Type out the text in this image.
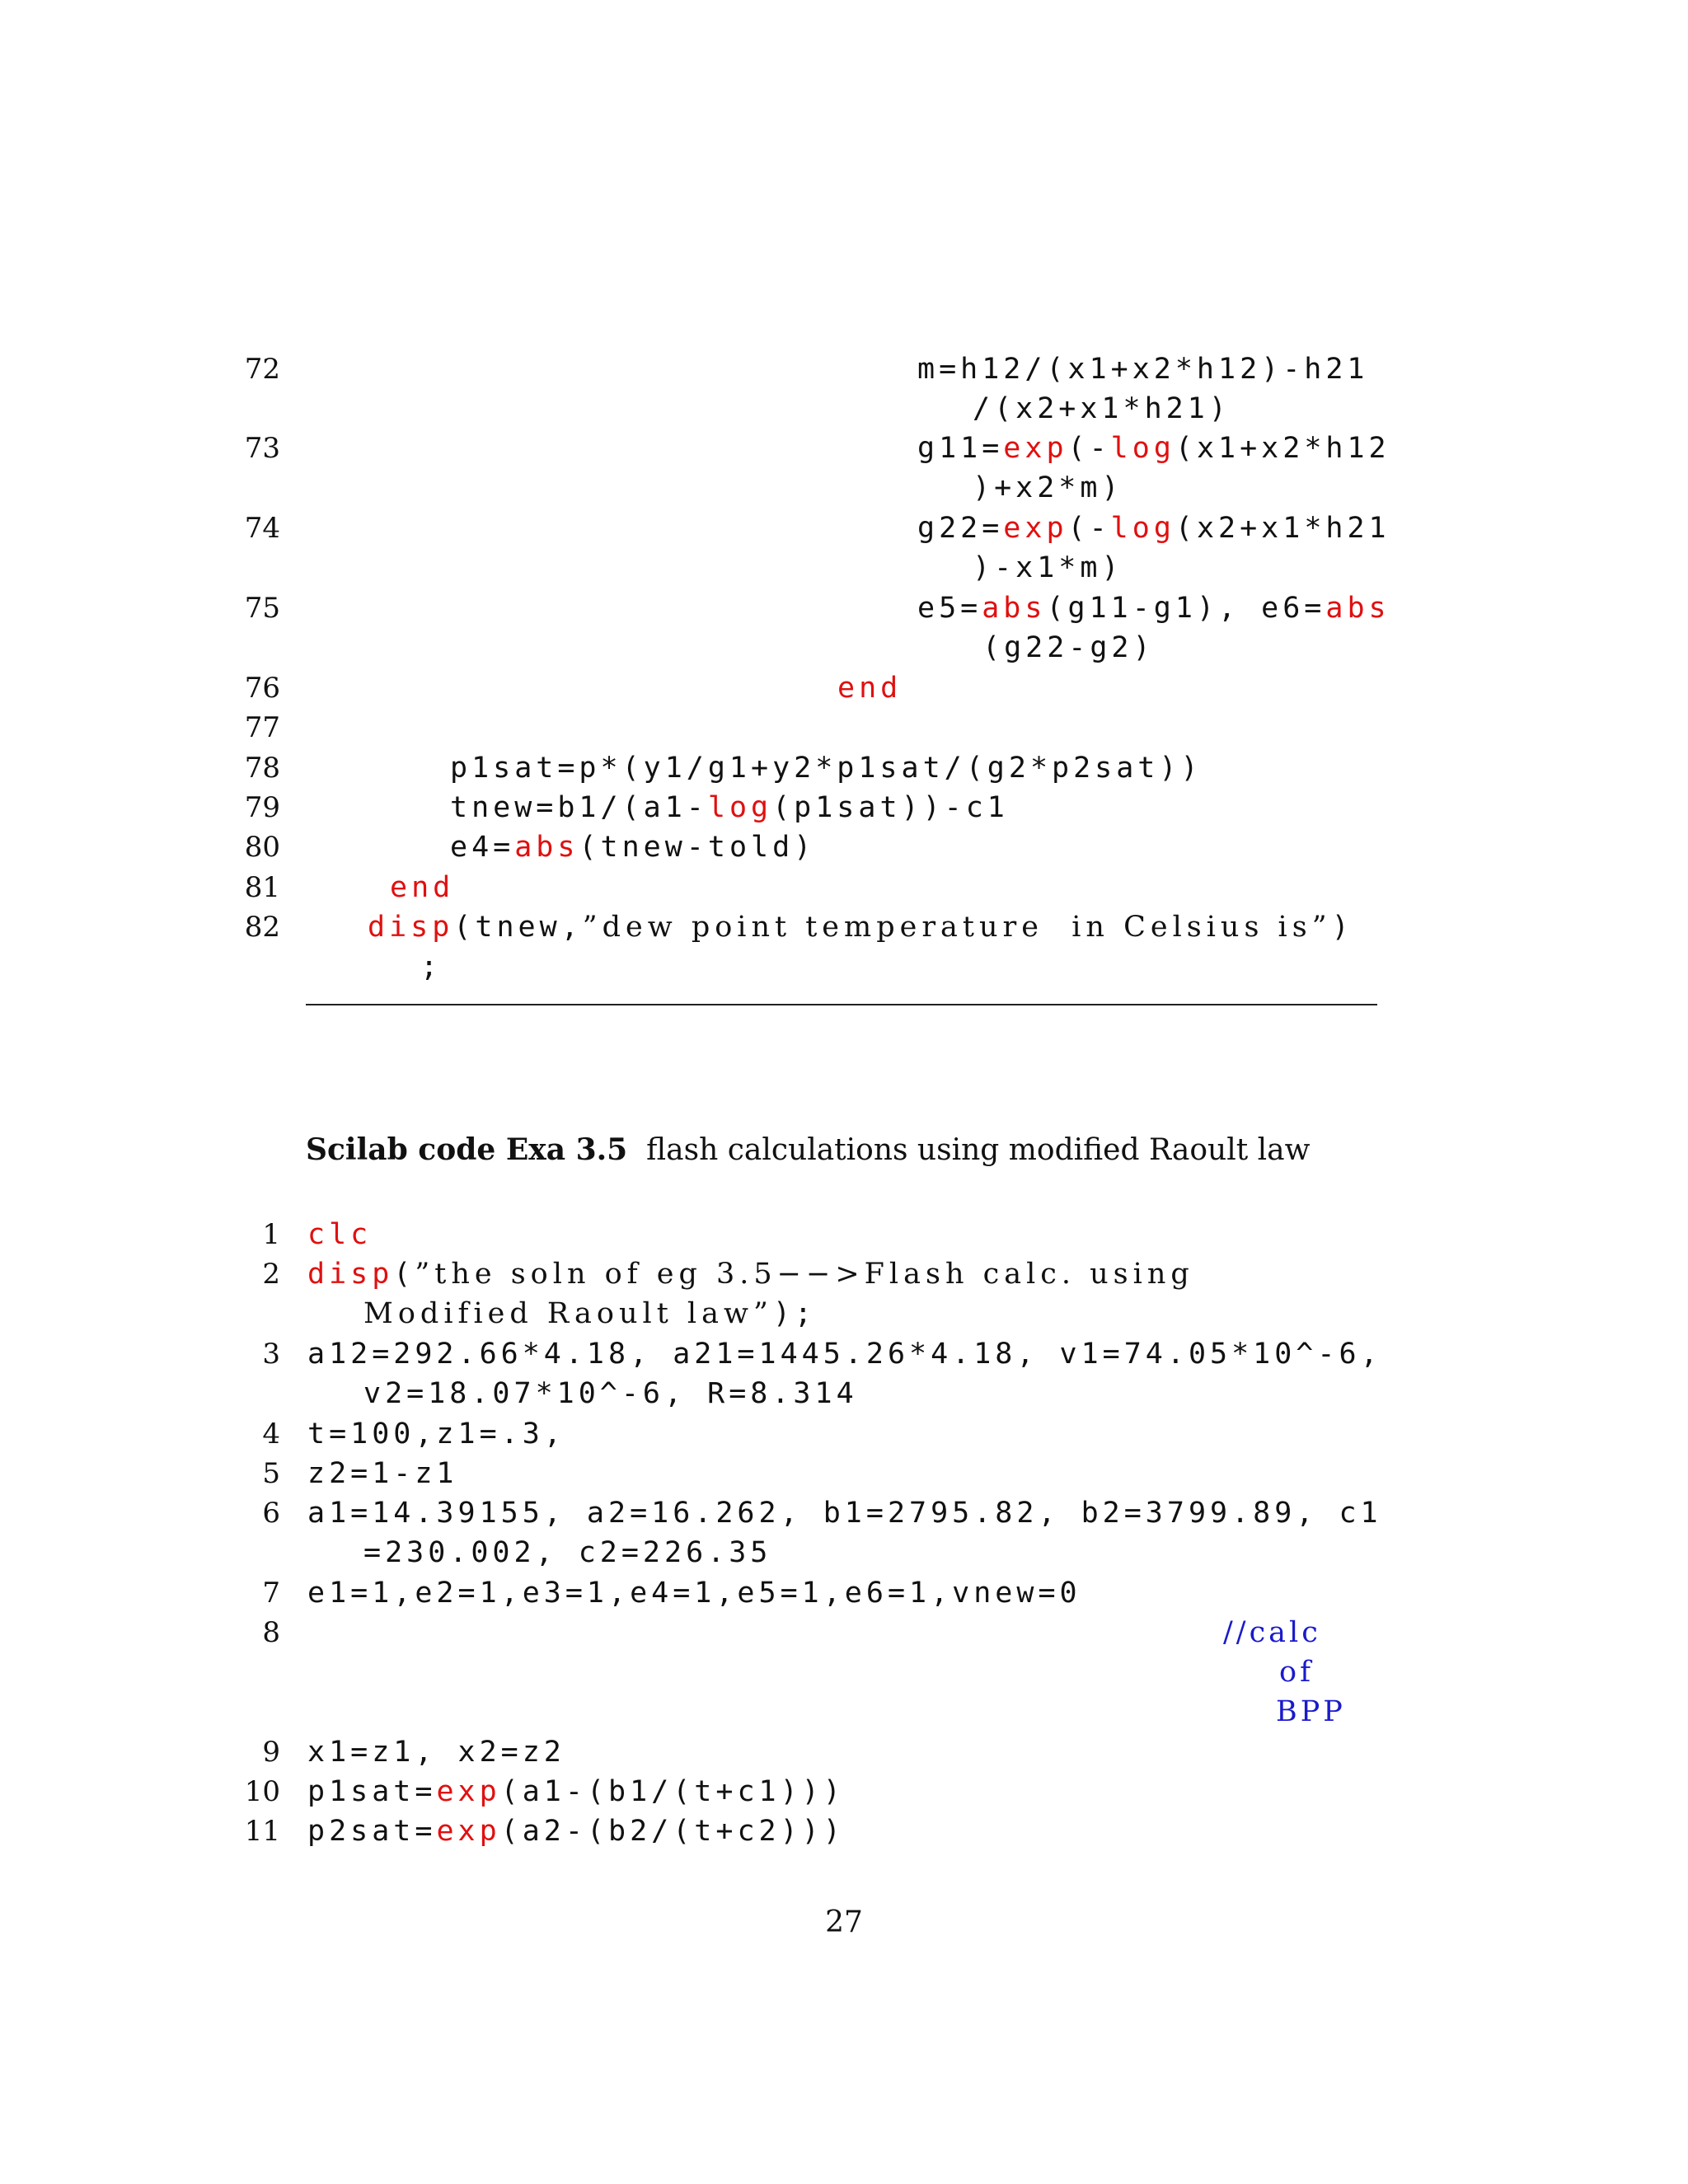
72
73
74
75
76
77
78
79
80
81
82
m=h12/(x1+x2*h12)-h21
/(x2+x1*h21)
g11=exp(-log(x1+x2*h12
)+x2*m)
g22=exp(-log(x2+x1*h21
)-x1*m)
e5=abs(g11-g1), e6=abs
(g22-g2)
end
p1sat=p*(y1/g1+y2*p1sat/(g2*p2sat))
tnew=b1/(a1-log(p1sat))-c1
e4=abs(tnew-told)
end
disp(tnew,”dew point temperature  in Celsius is”)
;
Scilab code Exa 3.5 flash calculations using modified Raoult law
1
2
3
4
5
6
7
8
9
10
11
clc
disp(”the soln of eg 3.5−−>Flash calc. using
Modified Raoult law”);
a12=292.66*4.18, a21=1445.26*4.18, v1=74.05*10^-6,
v2=18.07*10^-6, R=8.314
t=100,z1=.3,
z2=1-z1
a1=14.39155, a2=16.262, b1=2795.82, b2=3799.89, c1
=230.002, c2=226.35
e1=1,e2=1,e3=1,e4=1,e5=1,e6=1,vnew=0
//calc
of
BPP
x1=z1, x2=z2
p1sat=exp(a1-(b1/(t+c1)))
p2sat=exp(a2-(b2/(t+c2)))
27
